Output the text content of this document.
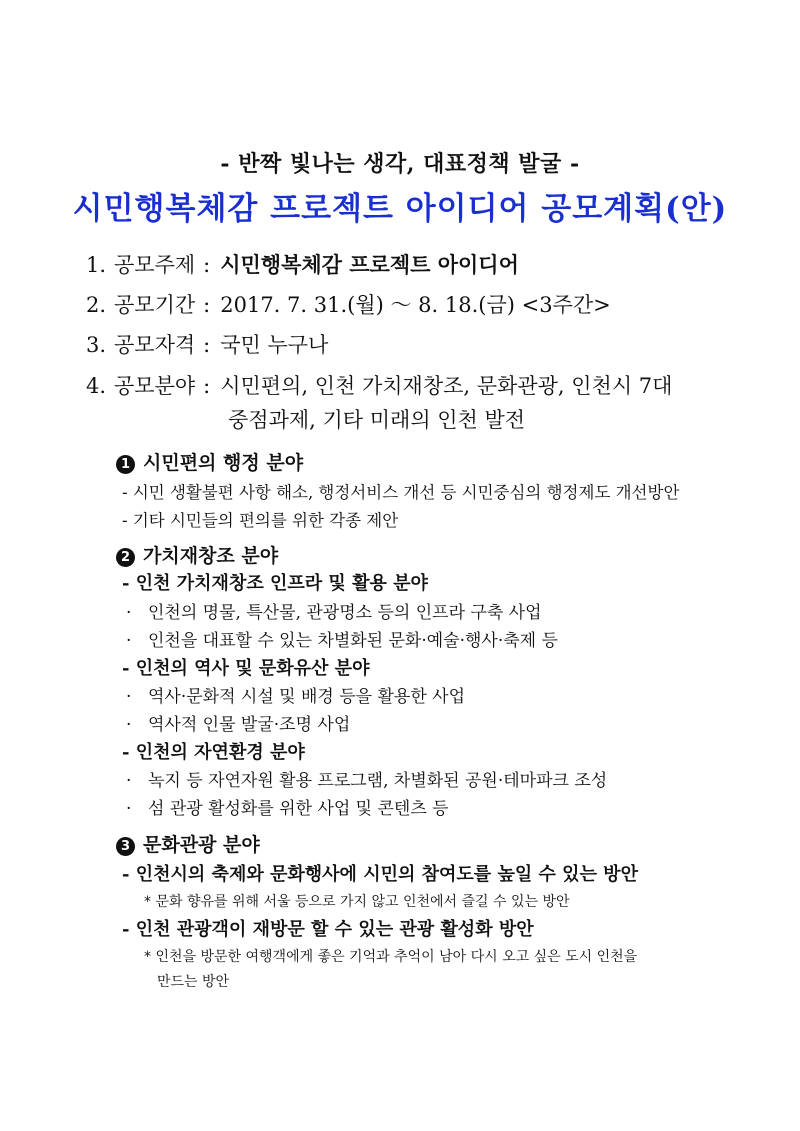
- 반짝 빛나는 생각, 대표정책 발굴 -
시민행복체감 프로젝트 아이디어 공모계획(안)
1. 공모주제 : 시민행복체감 프로젝트 아이디어
2. 공모기간 : 2017. 7. 31.(월) ～ 8. 18.(금) <3주간>
3. 공모자격 : 국민 누구나
4. 공모분야 : 시민편의, 인천 가치재창조, 문화관광, 인천시 7대
중점과제, 기타 미래의 인천 발전
1 시민편의 행정 분야
- 시민 생활불편 사항 해소, 행정서비스 개선 등 시민중심의 행정제도 개선방안
- 기타 시민들의 편의를 위한 각종 제안
2 가치재창조 분야
- 인천 가치재창조 인프라 및 활용 분야
· 인천의 명물, 특산물, 관광명소 등의 인프라 구축 사업
· 인천을 대표할 수 있는 차별화된 문화·예술·행사·축제 등
- 인천의 역사 및 문화유산 분야
· 역사·문화적 시설 및 배경 등을 활용한 사업
· 역사적 인물 발굴·조명 사업
- 인천의 자연환경 분야
· 녹지 등 자연자원 활용 프로그램, 차별화된 공원·테마파크 조성
· 섬 관광 활성화를 위한 사업 및 콘텐츠 등
3 문화관광 분야
- 인천시의 축제와 문화행사에 시민의 참여도를 높일 수 있는 방안
* 문화 향유를 위해 서울 등으로 가지 않고 인천에서 즐길 수 있는 방안
- 인천 관광객이 재방문 할 수 있는 관광 활성화 방안
* 인천을 방문한 여행객에게 좋은 기억과 추억이 남아 다시 오고 싶은 도시 인천을
만드는 방안
